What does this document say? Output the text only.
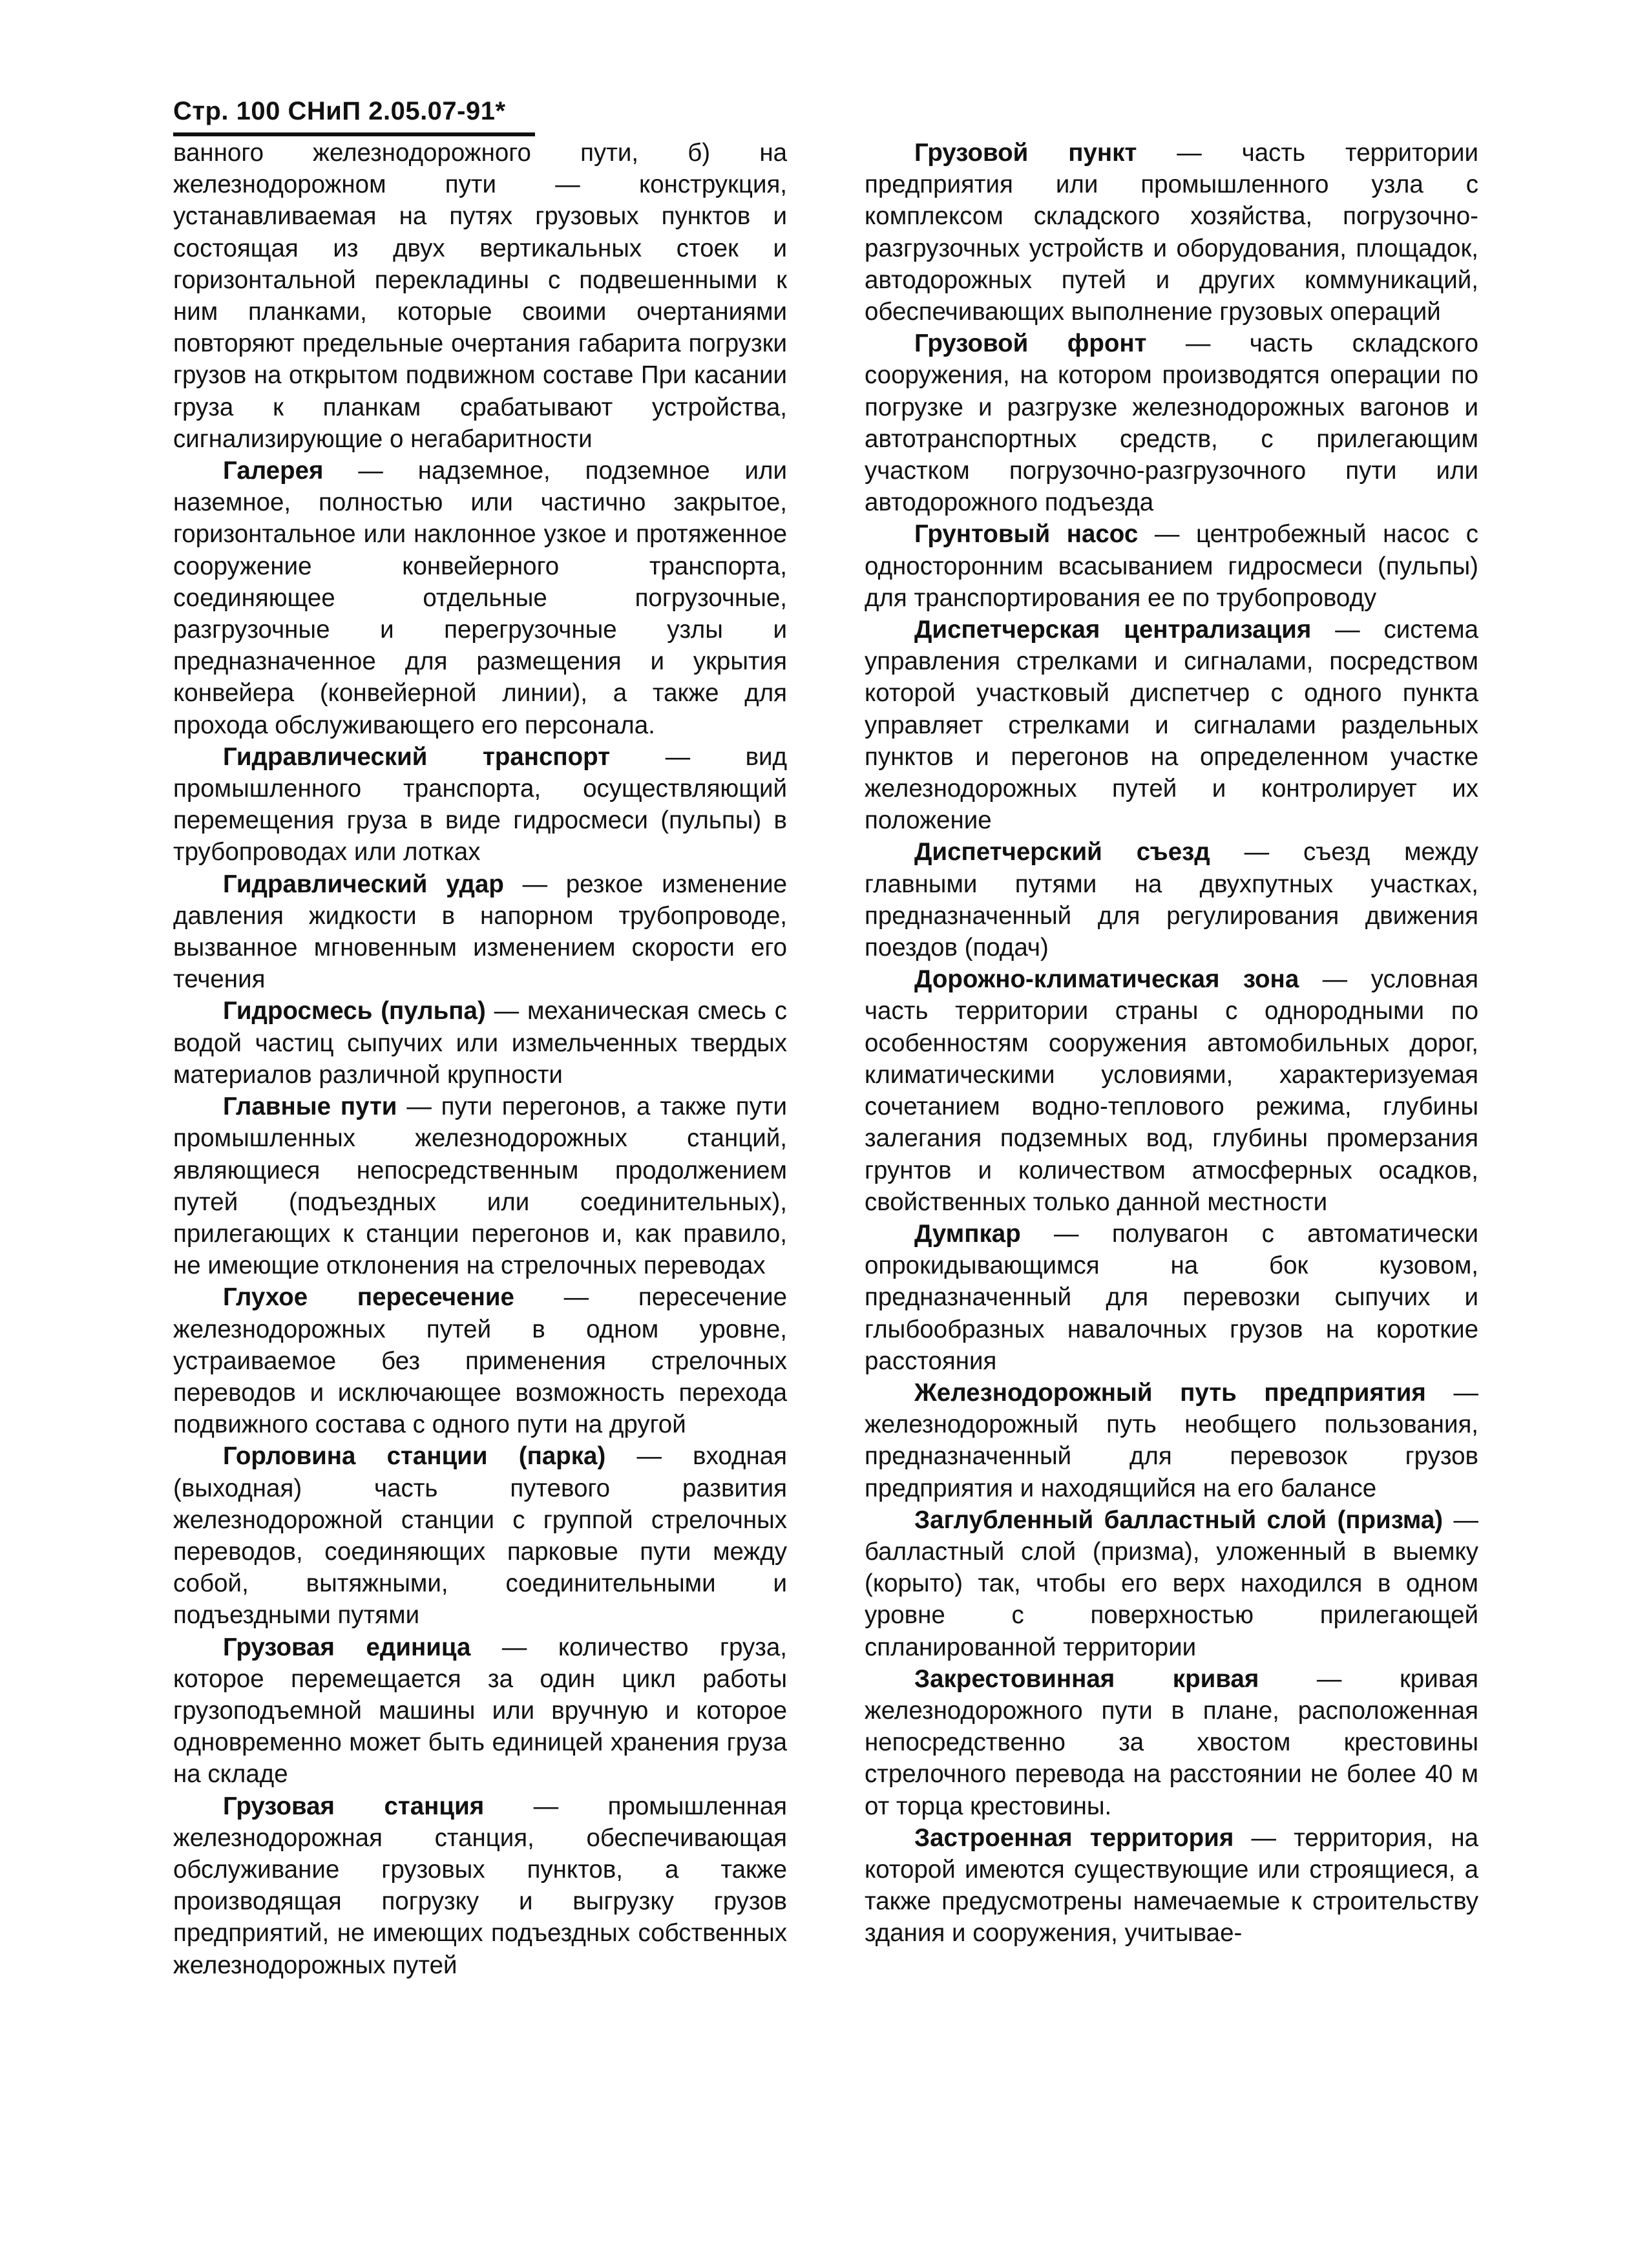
Стр. 100 СНиП 2.05.07-91*

ванного железнодорожного пути, б) на железнодорожном пути — конструкция, устанавливаемая на путях грузовых пунктов и состоящая из двух вертикальных стоек и горизонтальной перекладины с подвешенными к ним планками, которые своими очертаниями повторяют предельные очертания габарита погрузки грузов на открытом подвижном составе При касании груза к планкам срабатывают устройства, сигнализирующие о негабаритности

Галерея — надземное, подземное или наземное, полностью или частично закрытое, горизонтальное или наклонное узкое и протяженное сооружение конвейерного транспорта, соединяющее отдельные погрузочные, разгрузочные и перегрузочные узлы и предназначенное для размещения и укрытия конвейера (конвейерной линии), а также для прохода обслуживающего его персонала.

Гидравлический транспорт — вид промышленного транспорта, осуществляющий перемещения груза в виде гидросмеси (пульпы) в трубопроводах или лотках

Гидравлический удар — резкое изменение давления жидкости в напорном трубопроводе, вызванное мгновенным изменением скорости его течения

Гидросмесь (пульпа) — механическая смесь с водой частиц сыпучих или измельченных твердых материалов различной крупности

Главные пути — пути перегонов, а также пути промышленных железнодорожных станций, являющиеся непосредственным продолжением путей (подъездных или соединительных), прилегающих к станции перегонов и, как правило, не имеющие отклонения на стрелочных переводах

Глухое пересечение — пересечение железнодорожных путей в одном уровне, устраиваемое без применения стрелочных переводов и исключающее возможность перехода подвижного состава с одного пути на другой

Горловина станции (парка) — входная (выходная) часть путевого развития железнодорожной станции с группой стрелочных переводов, соединяющих парковые пути между собой, вытяжными, соединительными и подъездными путями

Грузовая единица — количество груза, которое перемещается за один цикл работы грузоподъемной машины или вручную и которое одновременно может быть единицей хранения груза на складе

Грузовая станция — промышленная железнодорожная станция, обеспечивающая обслуживание грузовых пунктов, а также производящая погрузку и выгрузку грузов предприятий, не имеющих подъездных собственных железнодорожных путей

Грузовой пункт — часть территории предприятия или промышленного узла с комплексом складского хозяйства, погрузочно-разгрузочных устройств и оборудования, площадок, автодорожных путей и других коммуникаций, обеспечивающих выполнение грузовых операций

Грузовой фронт — часть складского сооружения, на котором производятся операции по погрузке и разгрузке железнодорожных вагонов и автотранспортных средств, с прилегающим участком погрузочно-разгрузочного пути или автодорожного подъезда

Грунтовый насос — центробежный насос с односторонним всасыванием гидросмеси (пульпы) для транспортирования ее по трубопроводу

Диспетчерская централизация — система управления стрелками и сигналами, посредством которой участковый диспетчер с одного пункта управляет стрелками и сигналами раздельных пунктов и перегонов на определенном участке железнодорожных путей и контролирует их положение

Диспетчерский съезд — съезд между главными путями на двухпутных участках, предназначенный для регулирования движения поездов (подач)

Дорожно-климатическая зона — условная часть территории страны с однородными по особенностям сооружения автомобильных дорог, климатическими условиями, характеризуемая сочетанием водно-теплового режима, глубины залегания подземных вод, глубины промерзания грунтов и количеством атмосферных осадков, свойственных только данной местности

Думпкар — полувагон с автоматически опрокидывающимся на бок кузовом, предназначенный для перевозки сыпучих и глыбообразных навалочных грузов на короткие расстояния

Железнодорожный путь предприятия — железнодорожный путь необщего пользования, предназначенный для перевозок грузов предприятия и находящийся на его балансе

Заглубленный балластный слой (призма) — балластный слой (призма), уложенный в выемку (корыто) так, чтобы его верх находился в одном уровне с поверхностью прилегающей спланированной территории

Закрестовинная кривая — кривая железнодорожного пути в плане, расположенная непосредственно за хвостом крестовины стрелочного перевода на расстоянии не более 40 м от торца крестовины.

Застроенная территория — территория, на которой имеются существующие или строящиеся, а также предусмотрены намечаемые к строительству здания и сооружения, учитывае-
